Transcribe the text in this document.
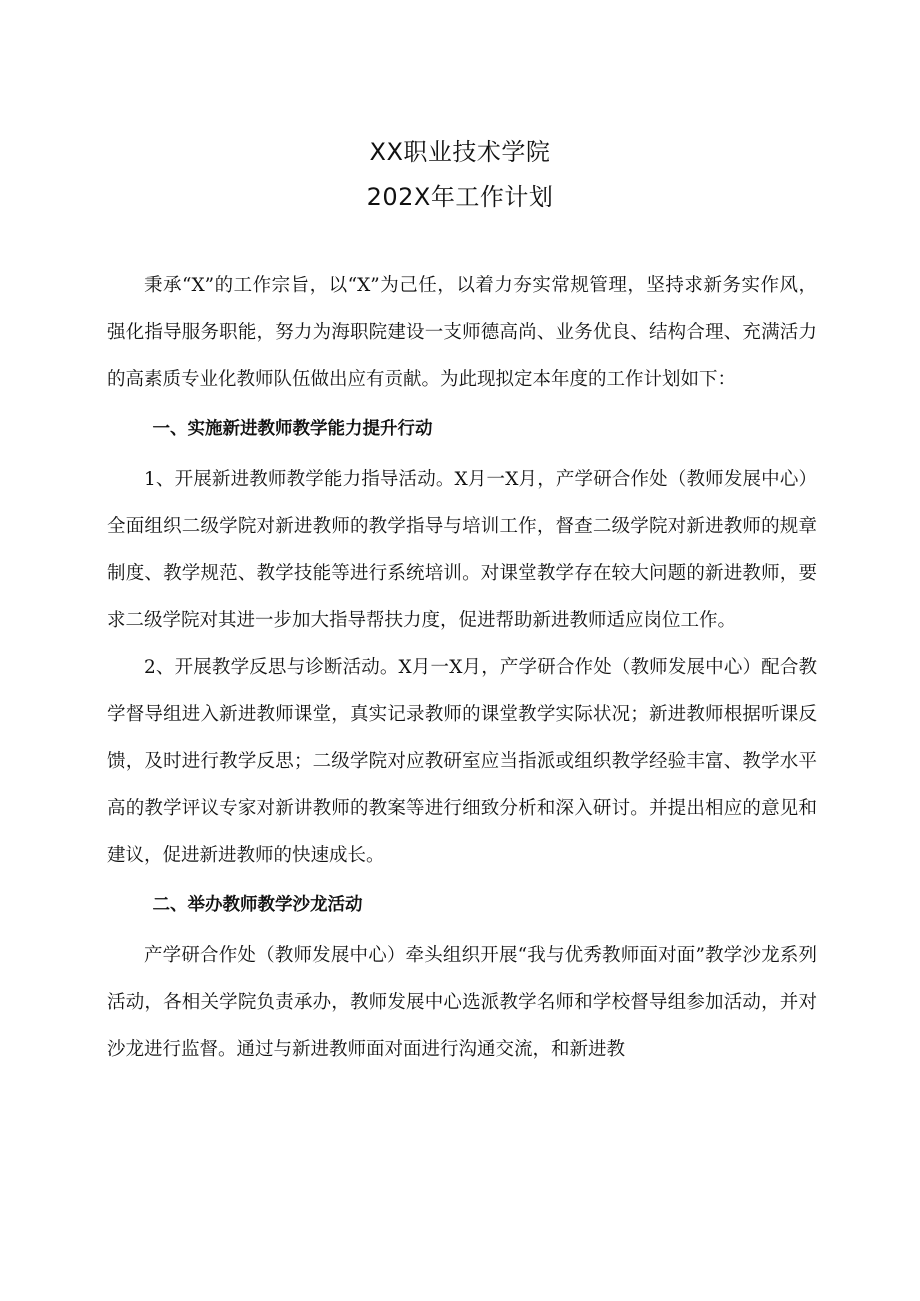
XX职业技术学院
202X年工作计划

秉承“X”的工作宗旨，以“X”为己任，以着力夯实常规管理，坚持求新务实作风，强化指导服务职能，努力为海职院建设一支师德高尚、业务优良、结构合理、充满活力的高素质专业化教师队伍做出应有贡献。为此现拟定本年度的工作计划如下：

一、实施新进教师教学能力提升行动

1、开展新进教师教学能力指导活动。X月一X月，产学研合作处（教师发展中心）全面组织二级学院对新进教师的教学指导与培训工作，督查二级学院对新进教师的规章制度、教学规范、教学技能等进行系统培训。对课堂教学存在较大问题的新进教师，要求二级学院对其进一步加大指导帮扶力度，促进帮助新进教师适应岗位工作。

2、开展教学反思与诊断活动。X月一X月，产学研合作处（教师发展中心）配合教学督导组进入新进教师课堂，真实记录教师的课堂教学实际状况；新进教师根据听课反馈，及时进行教学反思；二级学院对应教研室应当指派或组织教学经验丰富、教学水平高的教学评议专家对新讲教师的教案等进行细致分析和深入研讨。并提出相应的意见和建议，促进新进教师的快速成长。

二、举办教师教学沙龙活动

产学研合作处（教师发展中心）牵头组织开展“我与优秀教师面对面”教学沙龙系列活动，各相关学院负责承办，教师发展中心选派教学名师和学校督导组参加活动，并对沙龙进行监督。通过与新进教师面对面进行沟通交流，和新进教
